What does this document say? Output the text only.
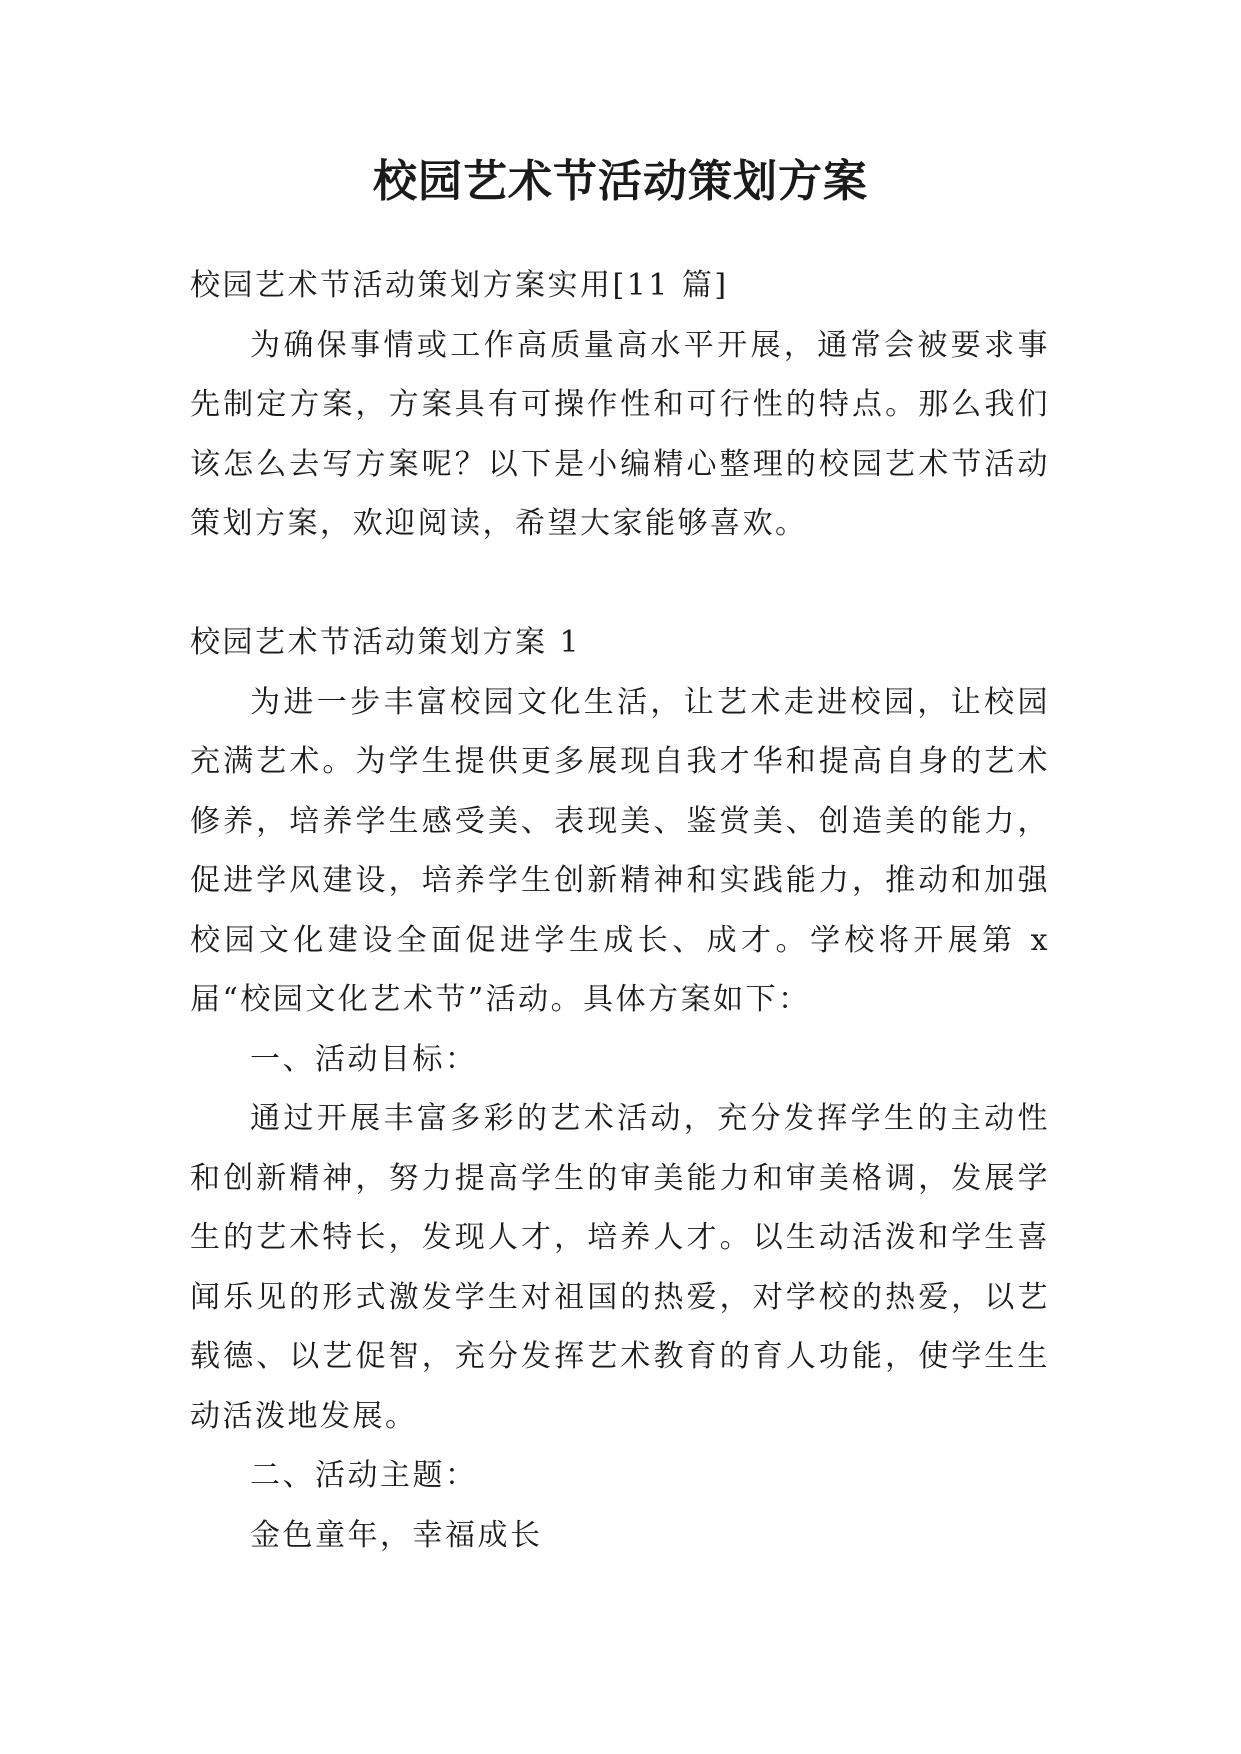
校园艺术节活动策划方案

校园艺术节活动策划方案实用[11 篇]

为确保事情或工作高质量高水平开展，通常会被要求事先制定方案，方案具有可操作性和可行性的特点。那么我们该怎么去写方案呢？以下是小编精心整理的校园艺术节活动策划方案，欢迎阅读，希望大家能够喜欢。

校园艺术节活动策划方案 1

为进一步丰富校园文化生活，让艺术走进校园，让校园充满艺术。为学生提供更多展现自我才华和提高自身的艺术修养，培养学生感受美、表现美、鉴赏美、创造美的能力，促进学风建设，培养学生创新精神和实践能力，推动和加强校园文化建设全面促进学生成长、成才。学校将开展第 x 届“校园文化艺术节”活动。具体方案如下：

一、活动目标：

通过开展丰富多彩的艺术活动，充分发挥学生的主动性和创新精神，努力提高学生的审美能力和审美格调，发展学生的艺术特长，发现人才，培养人才。以生动活泼和学生喜闻乐见的形式激发学生对祖国的热爱，对学校的热爱，以艺载德、以艺促智，充分发挥艺术教育的育人功能，使学生生动活泼地发展。

二、活动主题：

金色童年，幸福成长
